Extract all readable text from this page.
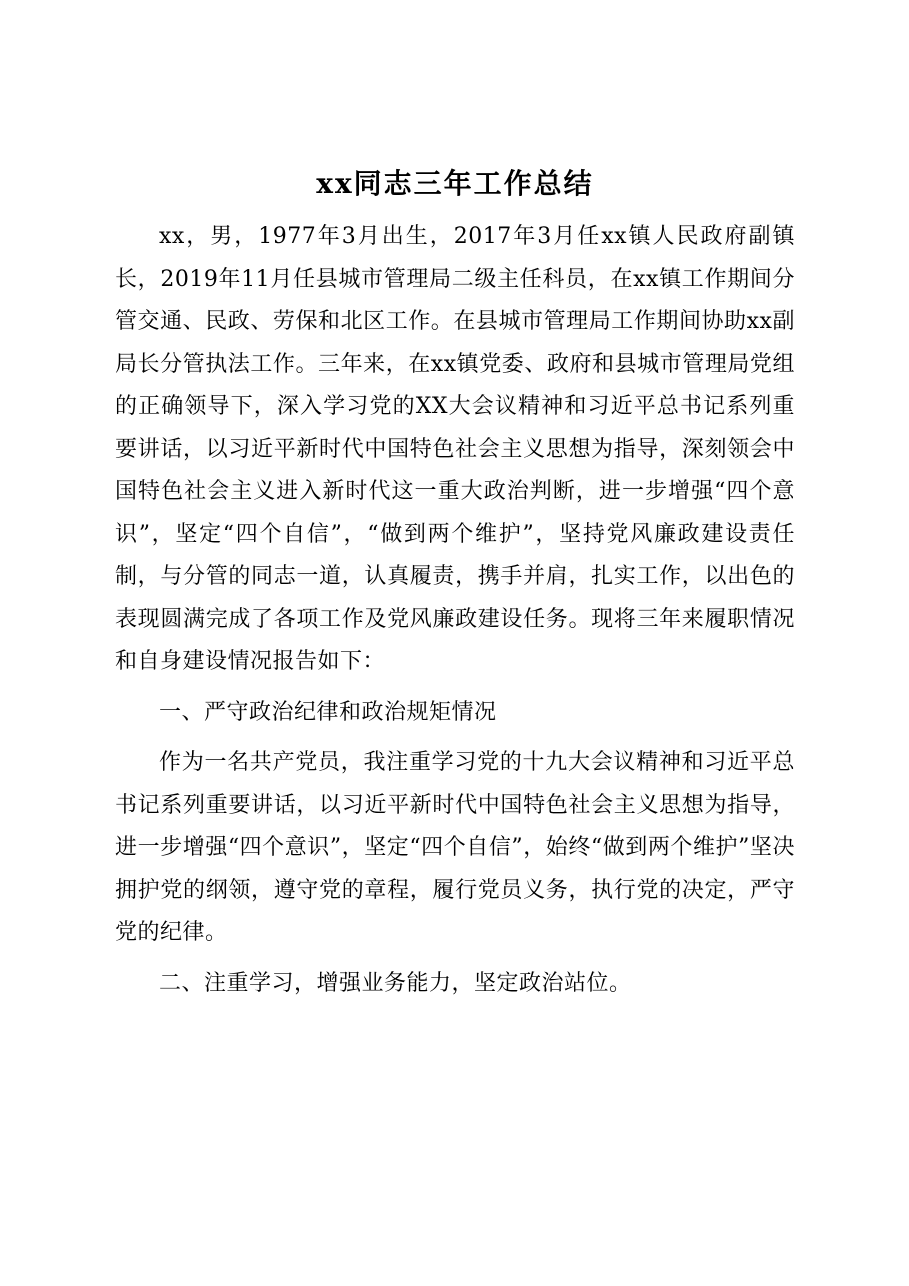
xx同志三年工作总结

xx，男，1977年3月出生，2017年3月任xx镇人民政府副镇长，2019年11月任县城市管理局二级主任科员，在xx镇工作期间分管交通、民政、劳保和北区工作。在县城市管理局工作期间协助xx副局长分管执法工作。三年来，在xx镇党委、政府和县城市管理局党组的正确领导下，深入学习党的XX大会议精神和习近平总书记系列重要讲话，以习近平新时代中国特色社会主义思想为指导，深刻领会中国特色社会主义进入新时代这一重大政治判断，进一步增强“四个意识”，坚定“四个自信”，“做到两个维护”，坚持党风廉政建设责任制，与分管的同志一道，认真履责，携手并肩，扎实工作，以出色的表现圆满完成了各项工作及党风廉政建设任务。现将三年来履职情况和自身建设情况报告如下：

一、严守政治纪律和政治规矩情况

作为一名共产党员，我注重学习党的十九大会议精神和习近平总书记系列重要讲话，以习近平新时代中国特色社会主义思想为指导，进一步增强“四个意识”，坚定“四个自信”，始终“做到两个维护”坚决拥护党的纲领，遵守党的章程，履行党员义务，执行党的决定，严守党的纪律。

二、注重学习，增强业务能力，坚定政治站位。
